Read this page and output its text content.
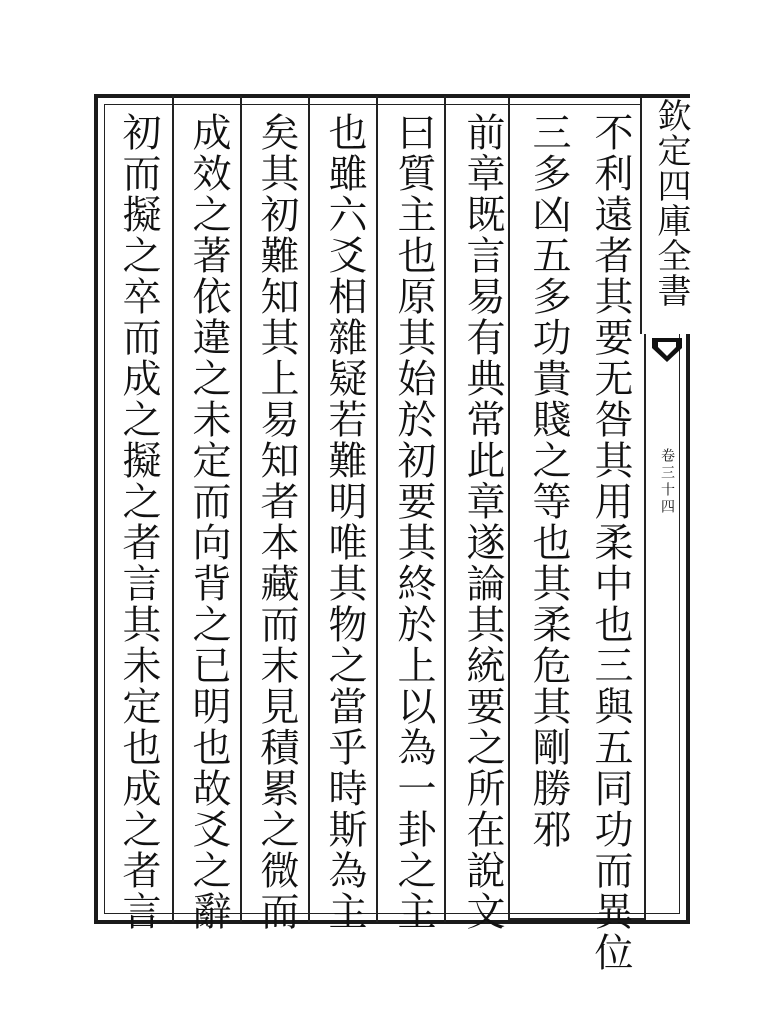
欽定四庫全書
卷三十四
不利遠者其要无咎其用柔中也三與五同功而異位
三多凶五多功貴賤之等也其柔危其剛勝邪
前章既言易有典常此章遂論其統要之所在說文
曰質主也原其始於初要其終於上以為一卦之主
也雖六爻相雜疑若難明唯其物之當乎時斯為主
矣其初難知其上易知者本藏而末見積累之微而
成效之著依違之未定而向背之已明也故爻之辭
初而擬之卒而成之擬之者言其未定也成之者言
